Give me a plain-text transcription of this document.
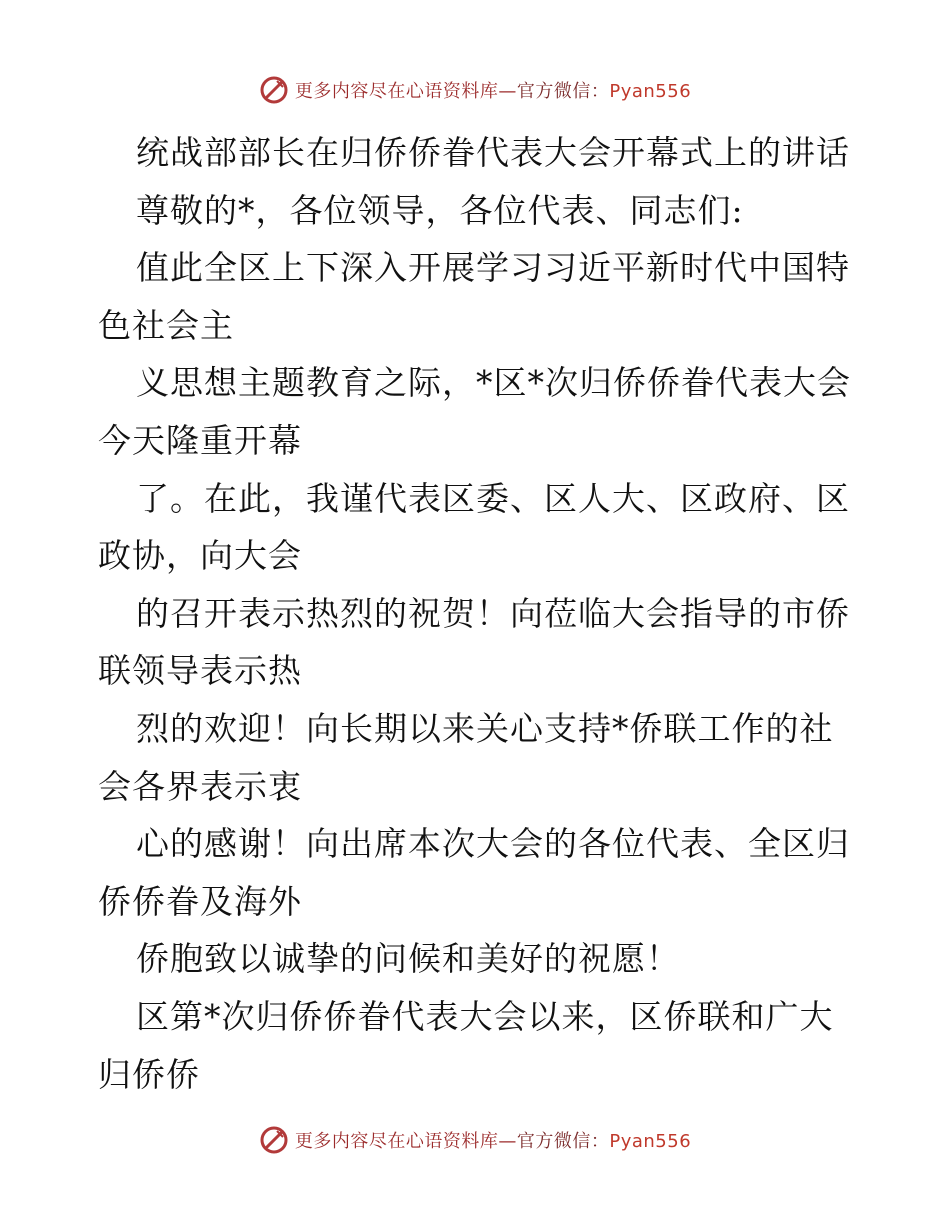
更多内容尽在心语资料库—官方微信：Pyan556
统战部部长在归侨侨眷代表大会开幕式上的讲话
尊敬的*，各位领导，各位代表、同志们:
值此全区上下深入开展学习习近平新时代中国特
色社会主
义思想主题教育之际，*区*次归侨侨眷代表大会
今天隆重开幕
了。在此，我谨代表区委、区人大、区政府、区
政协，向大会
的召开表示热烈的祝贺！向莅临大会指导的市侨
联领导表示热
烈的欢迎！向长期以来关心支持*侨联工作的社
会各界表示衷
心的感谢！向出席本次大会的各位代表、全区归
侨侨眷及海外
侨胞致以诚挚的问候和美好的祝愿！
区第*次归侨侨眷代表大会以来，区侨联和广大
归侨侨
更多内容尽在心语资料库—官方微信：Pyan556
